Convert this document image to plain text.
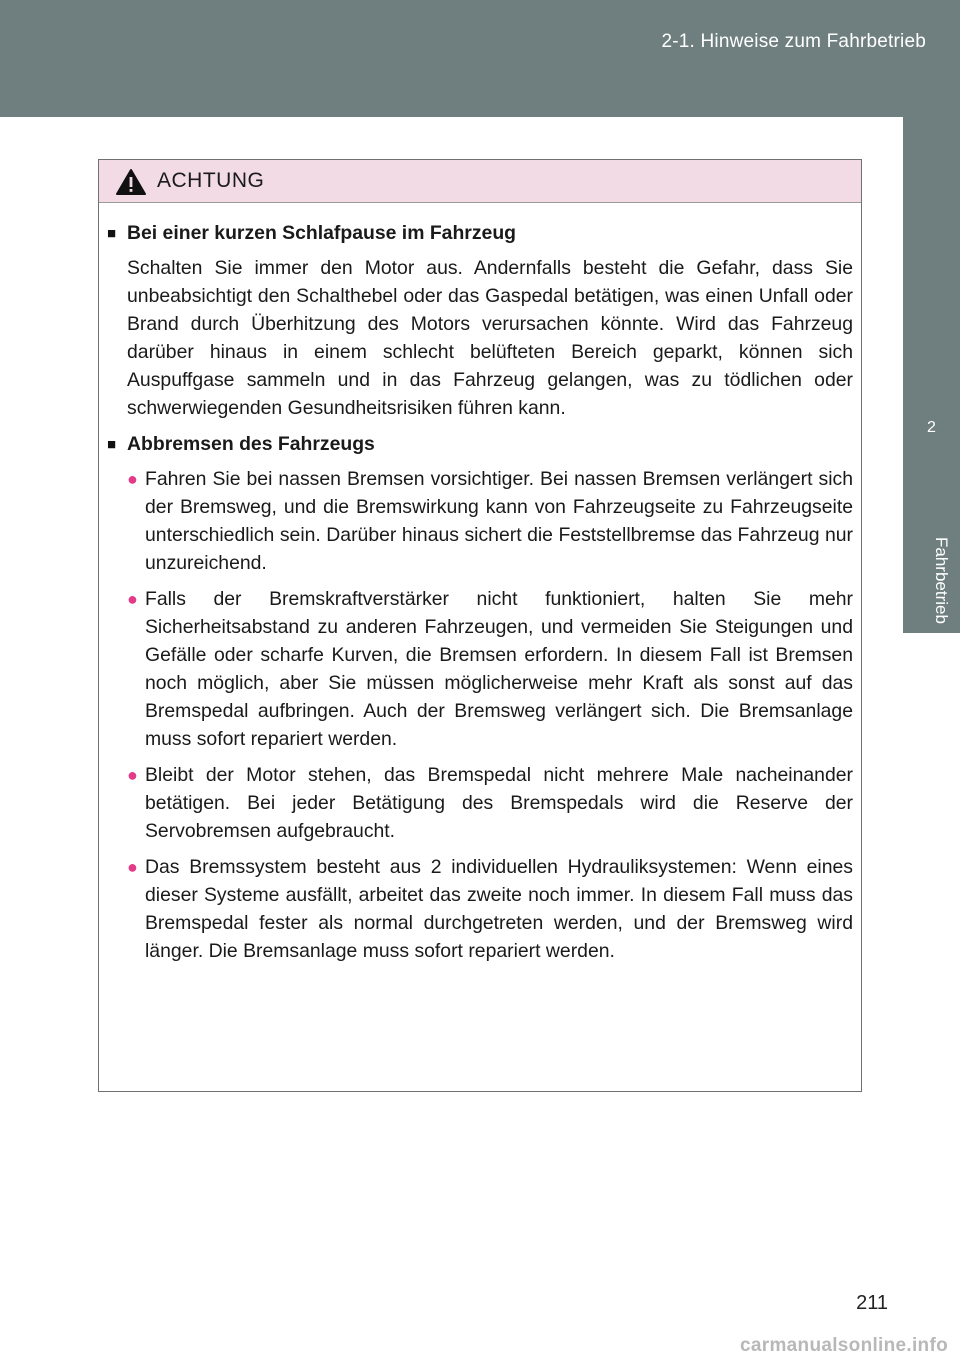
2-1. Hinweise zum Fahrbetrieb
2
Fahrbetrieb
ACHTUNG
■ Bei einer kurzen Schlafpause im Fahrzeug
Schalten Sie immer den Motor aus. Andernfalls besteht die Gefahr, dass Sie unbeabsichtigt den Schalthebel oder das Gaspedal betätigen, was einen Unfall oder Brand durch Überhitzung des Motors verursachen könnte. Wird das Fahrzeug darüber hinaus in einem schlecht belüfteten Bereich geparkt, können sich Auspuffgase sammeln und in das Fahrzeug gelangen, was zu tödlichen oder schwerwiegenden Gesundheitsrisiken führen kann.
■ Abbremsen des Fahrzeugs
● Fahren Sie bei nassen Bremsen vorsichtiger. Bei nassen Bremsen verlängert sich der Bremsweg, und die Bremswirkung kann von Fahrzeugseite zu Fahrzeugseite unterschiedlich sein. Darüber hinaus sichert die Feststellbremse das Fahrzeug nur unzureichend.
● Falls der Bremskraftverstärker nicht funktioniert, halten Sie mehr Sicherheitsabstand zu anderen Fahrzeugen, und vermeiden Sie Steigungen und Gefälle oder scharfe Kurven, die Bremsen erfordern. In diesem Fall ist Bremsen noch möglich, aber Sie müssen möglicherweise mehr Kraft als sonst auf das Bremspedal aufbringen. Auch der Bremsweg verlängert sich. Die Bremsanlage muss sofort repariert werden.
● Bleibt der Motor stehen, das Bremspedal nicht mehrere Male nacheinander betätigen. Bei jeder Betätigung des Bremspedals wird die Reserve der Servobremsen aufgebraucht.
● Das Bremssystem besteht aus 2 individuellen Hydrauliksystemen: Wenn eines dieser Systeme ausfällt, arbeitet das zweite noch immer. In diesem Fall muss das Bremspedal fester als normal durchgetreten werden, und der Bremsweg wird länger. Die Bremsanlage muss sofort repariert werden.
211
carmanualsonline.info
